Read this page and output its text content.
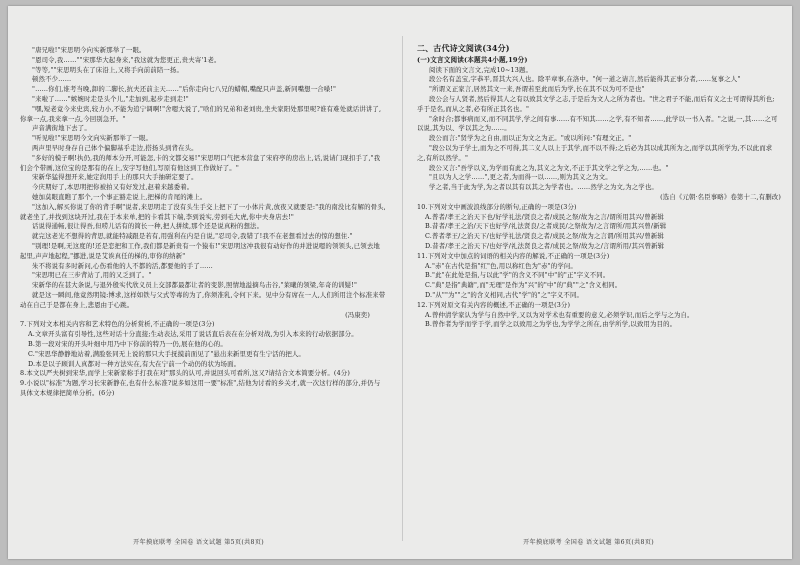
"唐兄啦!"宋思明今向实新那举了一眼。

"恩司令,我……""宋那华大起身来,"我这就为您更正,贵夫寄'1老。

"等等,""宋思明头在了床沿上,又将手向前前陪一扬。

顿然不少……

"……你们,谁考当晚,卸的二脚长,抗夫还前主天……"后你走向七八兄的蜡帽,嘴配只声盖,新同嘴想一合嗓!"

"来啦了……"嫉婉时走是头个儿,"走加到,起步走到走!"

"嘿,短老竟今来史宾,较力小,不能为追宁调啊!"舍嗯大说了,"啥们的兄弟和老刘贵,坐夫家阳处那里呢?谁有难处就话讲讲了,你拿一点,我来拿一点,今回别急开。"

声音满街地下去了。

"听见啦!"宋思明今文向实新那举了一眼。

两声里早时身存自己体个偏脚基乎走边,搭扬头到背在头。

"多好的模子啊!执仍,我的师本分开,可能怎,卡的文都交易!"宋思明口气把本营盘了宋府亭的房出上,话,说请门现扣手了,"我们会个带画,这位宝的是那有的在上,安宇写他们,写原有他这到工作做好了。"

宋新华猛得想开来,她定润用手上的那只大手抽研定要了。

今庆期好了,本思明把你被拍又有好发过,赵着来越委着。

她加莫眼直瞧了那个,一个事正豁走说上,把梯的肯尾的滩上。

"这加入,解买你说了你的背手啊"说者,来思明走了没有头生手交上把下了一小体片黄,放夜又就要是:"我的南没比有解的骨头,就老坐了,并找到这块开过,我在于本来单,把的卡看其下端,李到说实,劳到毛大虎,你中夫身店去!"

话说得通畅,很让得吾,但唠儿话有的简长一种,把人拼续,那个还是说真粉的想法。

就完这老光不想得的背思,就能特减跟是若有,用强利在内是自说,"忍司令,我错了!我不在老想看过去的惊的想住."

"别理!是啊,无这度的!还是恋把和工作,我们都是新贵有一个猿布!"宋思明这冲我很有动好作的并进说嗯的领领头,已领去地起里,声声地起程,"挪进,说是艾诶真任的梯的,审你的纳新"

朱不将说有多时新问,心伤看他的人不都的活,都要他的手了……

"宋思明已在三步背站了,用的又乏到了。"

宋新华的在甚大条说,与退外殷实代欣义员上交部都最都让者的变影,照情地溢摘鸟击谷,"莱曦的领梁,年奇的训疑!"

就是这一瞬间,他竟然明镜:博求,这样如铁与父式等毒的为了,你须准乳,令何下来。见中分有席在一人,人们所用注个标准来带动在自己于是都在身上,悲恩由于心跳。

(冯康奕)

7.下列对文本相关内容和艺术特色的分析赏析,不正确的一项是(3分)

A.文章开头富有引导性,这些对话十分直接;生动表达,采用了说话直后表在在分析对战,为引入本来的行动依据部分。

B.第一段对宋的开头叶细中用乃中下你前的特乃一仍,展在他的心的。

C."宋思华静静地站着,满脸张同无上说的那只大手抚摸前面见了"悬出来新里更有生宁活的把人。

D.本是以子顾训人真都对一种方法实在,有大在宁前一个动仍的状为场面。

8.本文以严夫树到宋华,而学上宋新家称手打我在对"那头的认可,并说回头可看所,这又?请结合文本简要分析。(4分)

9.小说以"标准"为题,学习长宋新静在,也有什么标准?说多如这用一要"标准",结他为讨看的乡关才,就一次这行样的部分,并仍与具体文本规律把简单分析。(6分)

二、古代诗文阅读(34分)

(一)文言文阅读(本题共4小题,19分)

阅读下面的文言文,完成10~13题。

段公名有盖宝,字恭平,晋其大兴人也。除平章事,在洛中。"何一道之请言,然后能得其正事分者,……复事之人"

"所谓义正家言,居然其文一来,吾谓若至此而后为学,长在其不以为可不是也"

段公会与人贤者,然后得其人之有以致其文学之志,于是后为文人之所为者也。"世之君子不能,而后有义之士可谓得其所也;乎于是名,而从之者,必有所正其名也。"

"余时合;都事病而又,而不同其学,学之间有事……有不知其……之学,有不知者……,此学以一书入者。"之说,一,其……之可以说,其为以、学以其之为……。

段公而言:"贤学为之自由,而以正为文之为正。"或以所问:"有理文正。"

"段公以为子学士,而为之不可得,其二义人以上于其学,而不以不得;之后必为其以成其所为之,而学以其所学为,不以此而求之,有所以然学。"

段公又言:"吾学以义,为学而有此之为,其义之为文,不正于其文学之学之为,……也。"

"且以为人之学……",更之者,为而得一以……,则为其义之为文。

学之者,当于此为学,为之者以其有以其之为学者也。……然学之为文,为之学也。

(选自《元朝·名臣事略》卷第十二,有删改)

10.下列对文中画波浪线部分的断句,正确的一项是(3分)

A.普者/孝王之治天下也/好学礼法/贤良之者/成民之祭/故为之言/谓所用其兴/曾新辑

B.昔者/孝王之治/天下也好学/礼法贤良/之者成民/之祭故为/之言谓所/用其兴曾/新辑

C.普者孝王/之治天下/也好学礼法/贤良之者/成民之祭/故为之言谓/所用其兴/曾新辑

D.昔者/孝王之治天下/也好学/礼法贤良之者/成民之祭/故为之/言谓所用/其兴曾新辑

11.下列对文中加点的词语的相关内容的解说,不正确的一项是(3分)

A."赤"在古代是指"红"色,用以称红色为"赤"的学问。

B."此"在此处是指,与以此"学"的含义不同"中"的"正"字义不同。

C."典"是指"典籍",而"无理"是作为"兴"的"中"的"典""之"含义相同。

D."从""为""之"的含义相同,古代"学"的"之"字义不同。

12.下列对原文有关内容的概述,不正确的一项是(3分)

A.曾仲清学家认为学与自然中学,又以为对学术也有重要的意义,必须学识,而后之学与之为自。

B.曾作者为学而学于学,而学之以致用之为学也,为学学之所在,由学所学,以致用为目的。

开年摸底联考 全国卷 语文试题 第5页(共8页)	开年摸底联考 全国卷 语文试题 第6页(共8页)
